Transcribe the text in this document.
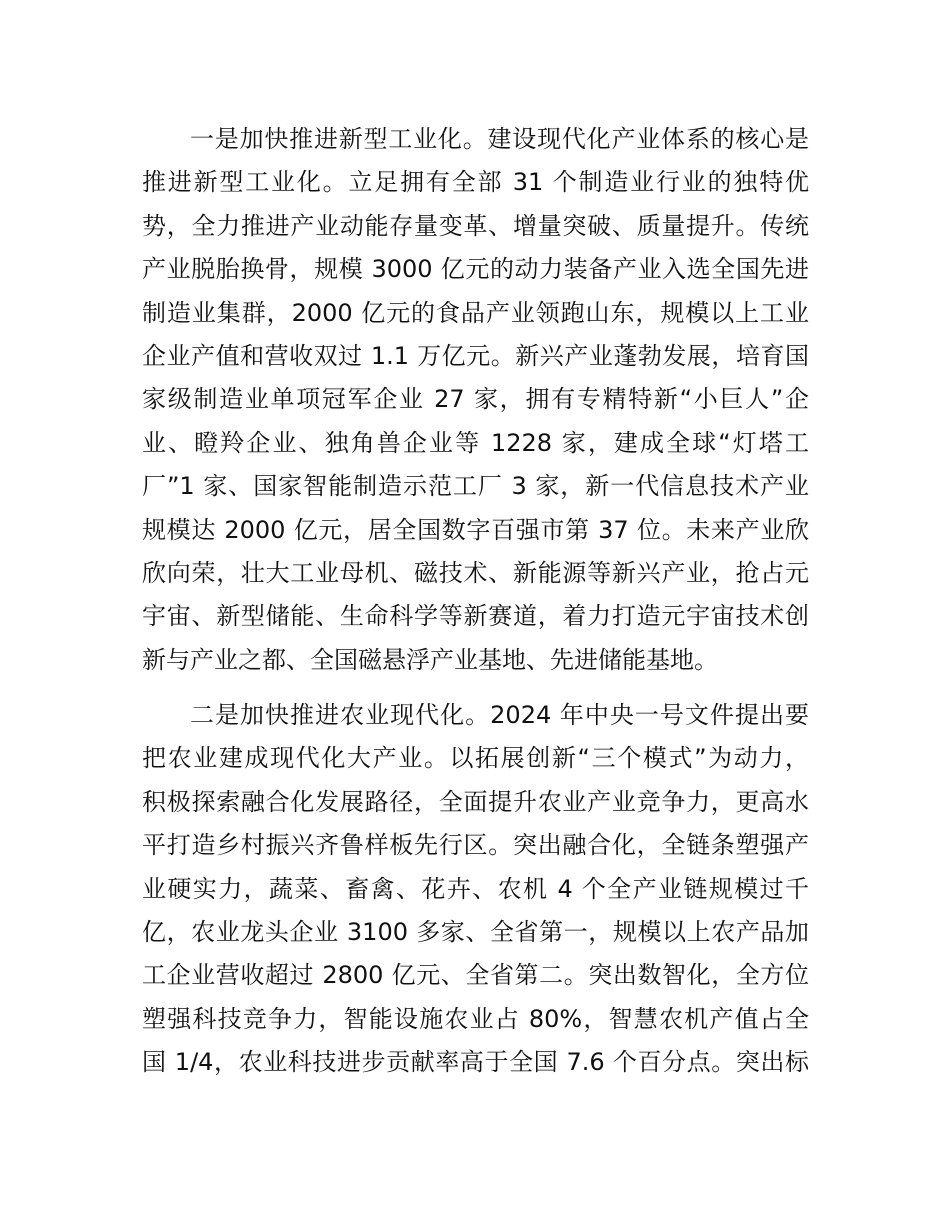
一是加快推进新型工业化。建设现代化产业体系的核心是
推进新型工业化。立足拥有全部 31 个制造业行业的独特优
势，全力推进产业动能存量变革、增量突破、质量提升。传统
产业脱胎换骨，规模 3000 亿元的动力装备产业入选全国先进
制造业集群，2000 亿元的食品产业领跑山东，规模以上工业
企业产值和营收双过 1.1 万亿元。新兴产业蓬勃发展，培育国
家级制造业单项冠军企业 27 家，拥有专精特新“小巨人”企
业、瞪羚企业、独角兽企业等 1228 家，建成全球“灯塔工
厂”1 家、国家智能制造示范工厂 3 家，新一代信息技术产业
规模达 2000 亿元，居全国数字百强市第 37 位。未来产业欣
欣向荣，壮大工业母机、磁技术、新能源等新兴产业，抢占元
宇宙、新型储能、生命科学等新赛道，着力打造元宇宙技术创
新与产业之都、全国磁悬浮产业基地、先进储能基地。
二是加快推进农业现代化。2024 年中央一号文件提出要
把农业建成现代化大产业。以拓展创新“三个模式”为动力，
积极探索融合化发展路径，全面提升农业产业竞争力，更高水
平打造乡村振兴齐鲁样板先行区。突出融合化，全链条塑强产
业硬实力，蔬菜、畜禽、花卉、农机 4 个全产业链规模过千
亿，农业龙头企业 3100 多家、全省第一，规模以上农产品加
工企业营收超过 2800 亿元、全省第二。突出数智化，全方位
塑强科技竞争力，智能设施农业占 80%，智慧农机产值占全
国 1/4，农业科技进步贡献率高于全国 7.6 个百分点。突出标
